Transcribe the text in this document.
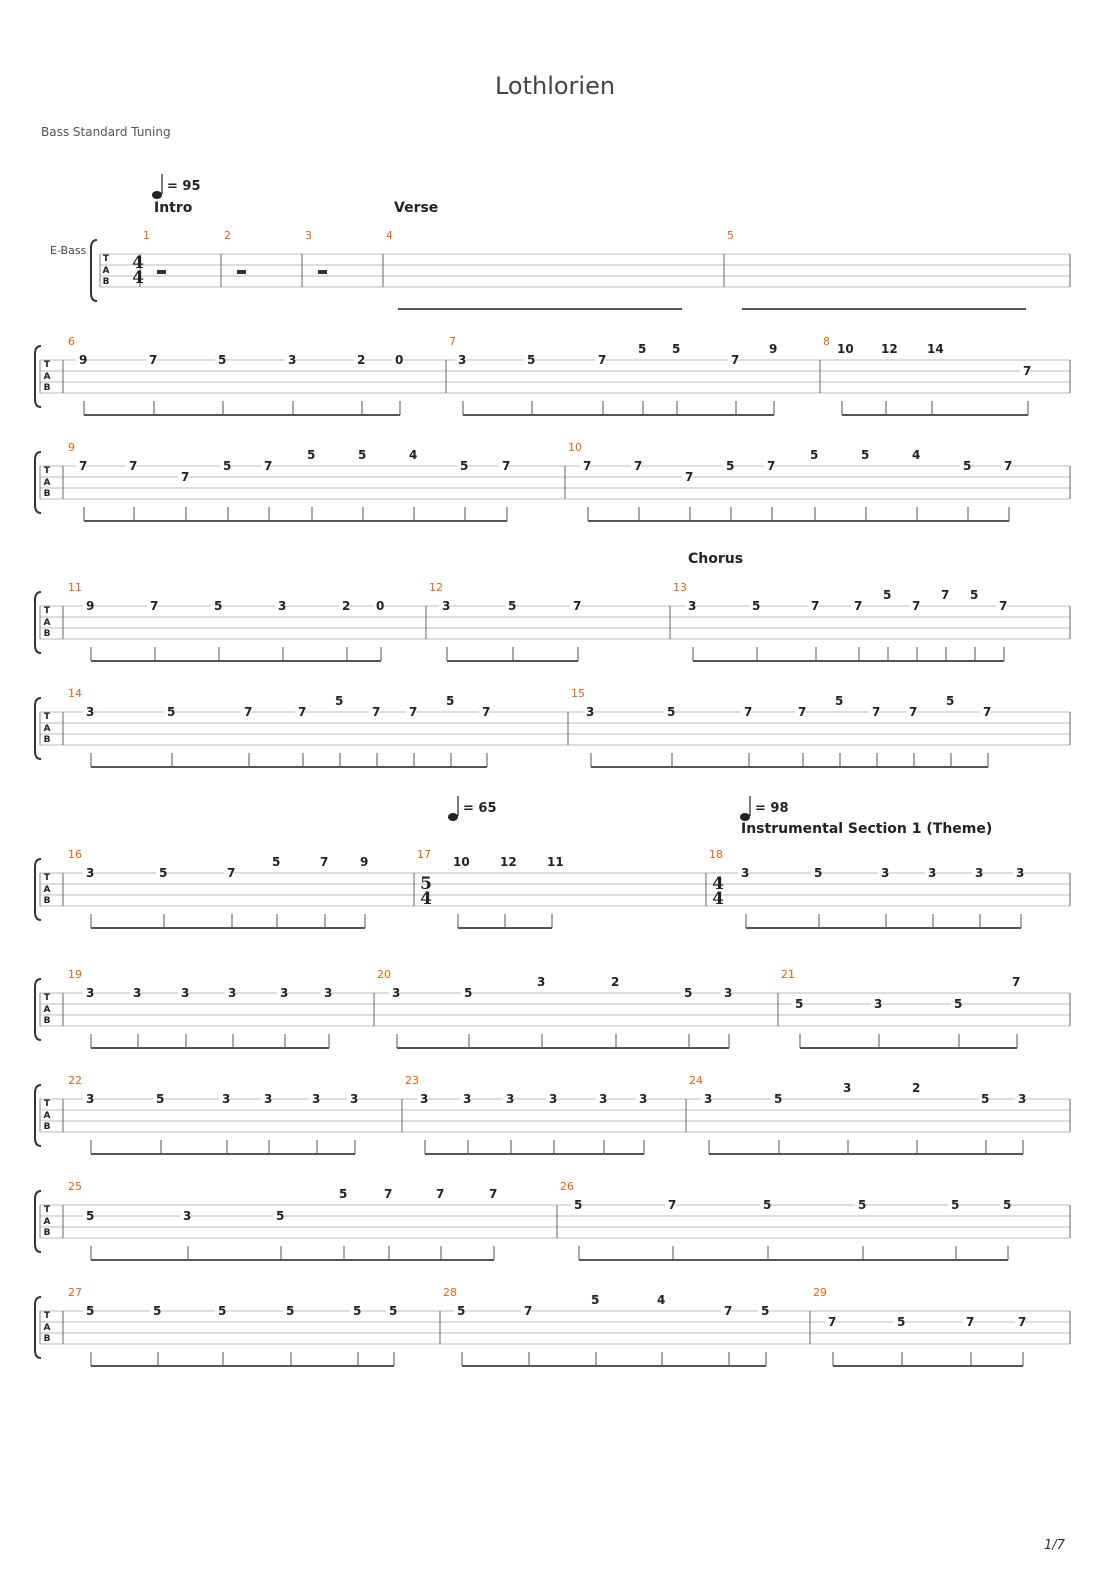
Lothlorien
Bass Standard Tuning
1/7
T
A
B
1	2	3	4	5
T
A
B
6	7	8
9	7	5	3	2 0	3	5	7
5 5
7
9	10 12 14
7
T
A
B
9	10
7	7
7
5	7
5	5	4
5	7	7	7
7
5	7
5	5	4
5	7
T
A
B
11	12	13
9	7	5	3	2 0	3	5	7	3	5	7	7
5
7
7 5
7
T
A
B
14	15
3	5	7	7
5
7 7
5
7	3	5	7	7
5
7 7
5
7
T
A
B
16	17	18
3	5	7
5	7	9	10	12	11
3	5	3	3	3	3
T
A
B
19	20	21
3	3	3	3	3	3	3	5
3	2
5	3
5	3	5
7
T
A
B
22	23	24
3	5	3	3	3 3	3	3	3	3	3	3	3	5
3	2
5 3
T
A
B
25	26
5	3	5
5	7	7	7
5	7	5	5	5	5
T
A
B
27	28	29
5	5	5	5	5 5	5	7
5	4
7 5
7	5	7	7
4
4
5
4
4
4
E-Bass
= 95
= 65	= 98
Intro	Verse
Chorus
Instrumental Section 1 (Theme)
